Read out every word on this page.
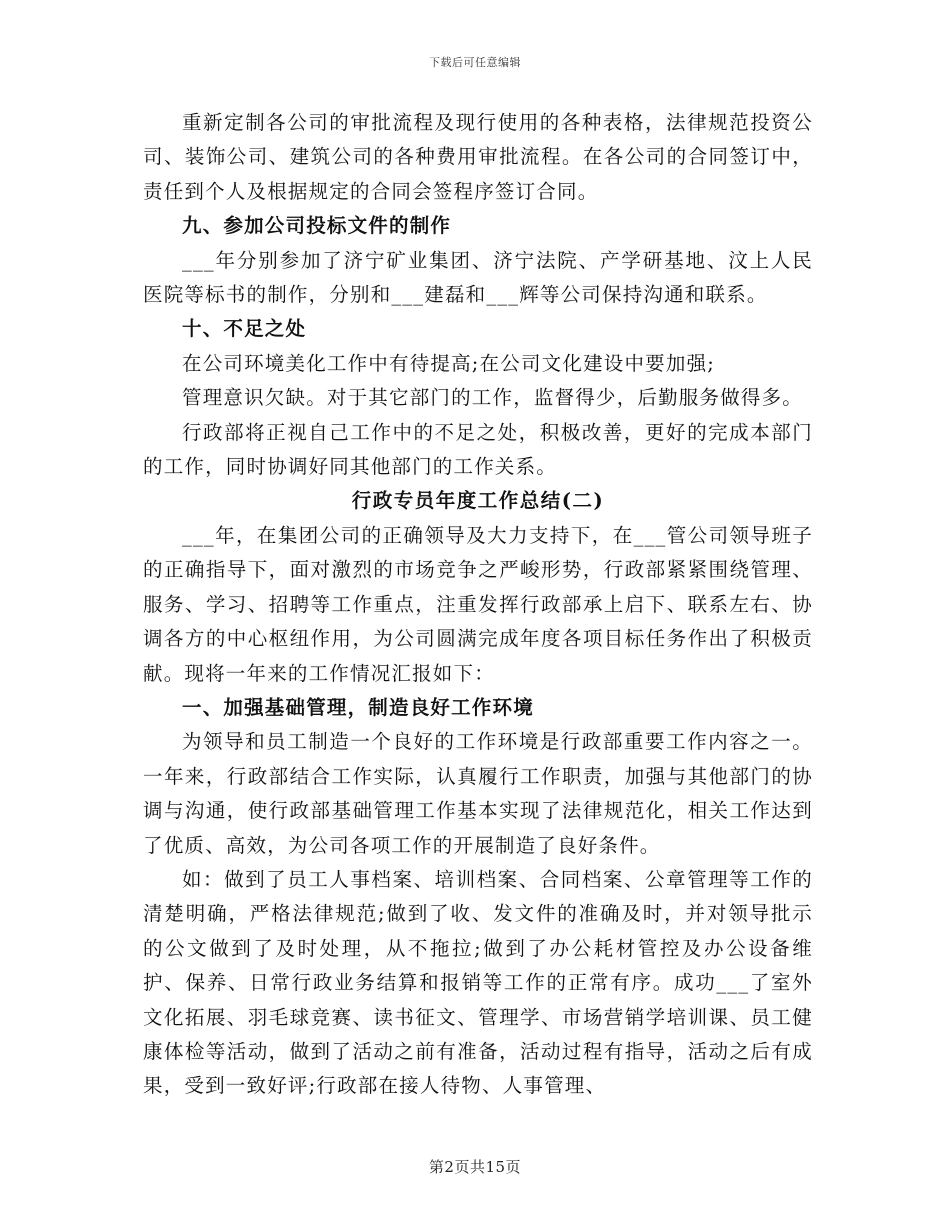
下载后可任意编辑

重新定制各公司的审批流程及现行使用的各种表格，法律规范投资公司、装饰公司、建筑公司的各种费用审批流程。在各公司的合同签订中，责任到个人及根据规定的合同会签程序签订合同。

九、参加公司投标文件的制作

___年分别参加了济宁矿业集团、济宁法院、产学研基地、汶上人民医院等标书的制作，分别和___建磊和___辉等公司保持沟通和联系。

十、不足之处

在公司环境美化工作中有待提高;在公司文化建设中要加强;

管理意识欠缺。对于其它部门的工作，监督得少，后勤服务做得多。

行政部将正视自己工作中的不足之处，积极改善，更好的完成本部门的工作，同时协调好同其他部门的工作关系。

行政专员年度工作总结(二)

___年，在集团公司的正确领导及大力支持下，在___管公司领导班子的正确指导下，面对激烈的市场竞争之严峻形势，行政部紧紧围绕管理、服务、学习、招聘等工作重点，注重发挥行政部承上启下、联系左右、协调各方的中心枢纽作用，为公司圆满完成年度各项目标任务作出了积极贡献。现将一年来的工作情况汇报如下：

一、加强基础管理，制造良好工作环境

为领导和员工制造一个良好的工作环境是行政部重要工作内容之一。一年来，行政部结合工作实际，认真履行工作职责，加强与其他部门的协调与沟通，使行政部基础管理工作基本实现了法律规范化，相关工作达到了优质、高效，为公司各项工作的开展制造了良好条件。

如：做到了员工人事档案、培训档案、合同档案、公章管理等工作的清楚明确，严格法律规范;做到了收、发文件的准确及时，并对领导批示的公文做到了及时处理，从不拖拉;做到了办公耗材管控及办公设备维护、保养、日常行政业务结算和报销等工作的正常有序。成功___了室外文化拓展、羽毛球竞赛、读书征文、管理学、市场营销学培训课、员工健康体检等活动，做到了活动之前有准备，活动过程有指导，活动之后有成果，受到一致好评;行政部在接人待物、人事管理、

第2页共15页
